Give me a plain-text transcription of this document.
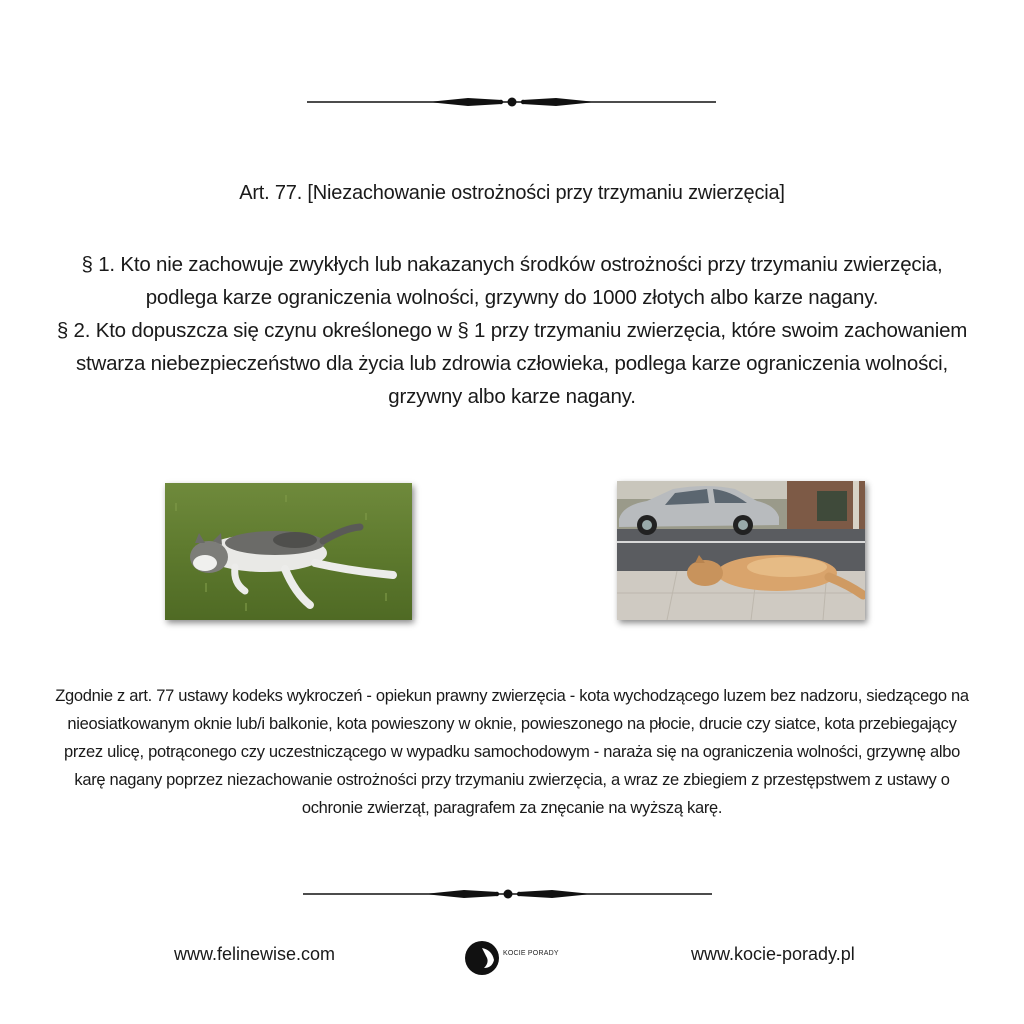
Art. 77. [Niezachowanie ostrożności przy trzymaniu zwierzęcia]

§ 1. Kto nie zachowuje zwykłych lub nakazanych środków ostrożności przy trzymaniu zwierzęcia, podlega karze ograniczenia wolności, grzywny do 1000 złotych albo karze nagany.

§ 2. Kto dopuszcza się czynu określonego w § 1 przy trzymaniu zwierzęcia, które swoim zachowaniem stwarza niebezpieczeństwo dla życia lub zdrowia człowieka, podlega karze ograniczenia wolności, grzywny albo karze nagany.

Zgodnie z art. 77 ustawy kodeks wykroczeń - opiekun prawny zwierzęcia - kota wychodzącego luzem bez nadzoru, siedzącego na nieosiatkowanym oknie lub/i balkonie, kota powieszony w oknie, powieszonego na płocie, drucie czy siatce, kota przebiegający przez ulicę, potrąconego czy uczestniczącego w wypadku samochodowym - naraża się na ograniczenia wolności, grzywnę albo karę nagany poprzez niezachowanie ostrożności przy trzymaniu zwierzęcia, a wraz ze zbiegiem z przestępstwem z ustawy o ochronie zwierząt, paragrafem za znęcanie na wyższą karę.
www.felinewise.com	KOCIE PORADY	www.kocie-porady.pl
